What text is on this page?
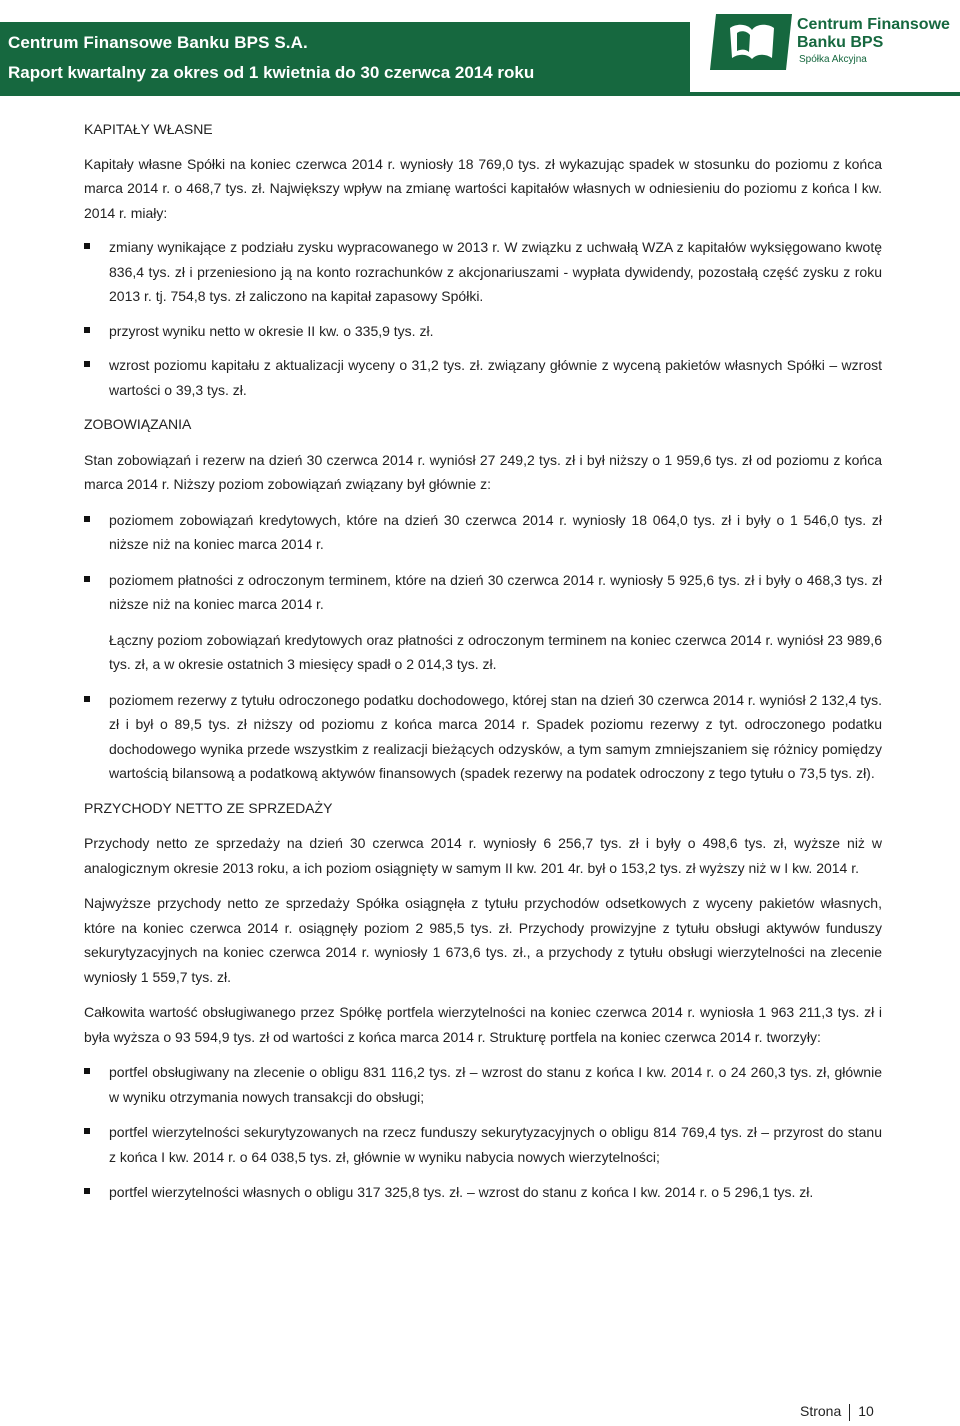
Centrum Finansowe Banku BPS S.A.
Raport kwartalny za okres od 1 kwietnia do 30 czerwca 2014 roku
Centrum Finansowe
Banku BPS
Spółka Akcyjna

KAPITAŁY WŁASNE

Kapitały własne Spółki na koniec czerwca 2014 r. wyniosły 18 769,0 tys. zł wykazując spadek w stosunku do poziomu z końca marca 2014 r. o 468,7 tys. zł. Największy wpływ na zmianę wartości kapitałów własnych w odniesieniu do poziomu z końca I kw. 2014 r. miały:

zmiany wynikające z podziału zysku wypracowanego w 2013 r. W związku z uchwałą WZA z kapitałów wyksięgowano kwotę 836,4 tys. zł i przeniesiono ją na konto rozrachunków z akcjonariuszami - wypłata dywidendy, pozostałą część zysku z roku 2013 r. tj. 754,8 tys. zł zaliczono na kapitał zapasowy Spółki.
przyrost wyniku netto w okresie II kw. o 335,9 tys. zł.
wzrost poziomu kapitału z aktualizacji wyceny o 31,2 tys. zł. związany głównie z wyceną pakietów własnych Spółki – wzrost wartości o 39,3 tys. zł.

ZOBOWIĄZANIA

Stan zobowiązań i rezerw na dzień 30 czerwca 2014 r. wyniósł 27 249,2 tys. zł i był niższy o 1 959,6 tys. zł od poziomu z końca marca 2014 r. Niższy poziom zobowiązań związany był głównie z:

poziomem zobowiązań kredytowych, które na dzień 30 czerwca 2014 r. wyniosły 18 064,0 tys. zł i były o 1 546,0 tys. zł niższe niż na koniec marca 2014 r.
poziomem płatności z odroczonym terminem, które na dzień 30 czerwca 2014 r. wyniosły 5 925,6 tys. zł i były o 468,3 tys. zł niższe niż na koniec marca 2014 r.

Łączny poziom zobowiązań kredytowych oraz płatności z odroczonym terminem na koniec czerwca 2014 r. wyniósł 23 989,6 tys. zł, a w okresie ostatnich 3 miesięcy spadł o 2 014,3 tys. zł.

poziomem rezerwy z tytułu odroczonego podatku dochodowego, której stan na dzień 30 czerwca 2014 r. wyniósł 2 132,4 tys. zł i był o 89,5 tys. zł niższy od poziomu z końca marca 2014 r. Spadek poziomu rezerwy z tyt. odroczonego podatku dochodowego wynika przede wszystkim z realizacji bieżących odzysków, a tym samym zmniejszaniem się różnicy pomiędzy wartością bilansową a podatkową aktywów finansowych (spadek rezerwy na podatek odroczony z tego tytułu o 73,5 tys. zł).

PRZYCHODY NETTO ZE SPRZEDAŻY

Przychody netto ze sprzedaży na dzień 30 czerwca 2014 r. wyniosły 6 256,7 tys. zł i były o 498,6 tys. zł, wyższe niż w analogicznym okresie 2013 roku, a ich poziom osiągnięty w samym II kw. 201 4r. był o 153,2 tys. zł wyższy niż w I kw. 2014 r.

Najwyższe przychody netto ze sprzedaży Spółka osiągnęła z tytułu przychodów odsetkowych z wyceny pakietów własnych, które na koniec czerwca 2014 r. osiągnęły poziom 2 985,5 tys. zł. Przychody prowizyjne z tytułu obsługi aktywów funduszy sekurytyzacyjnych na koniec czerwca 2014 r. wyniosły 1 673,6 tys. zł., a przychody z tytułu obsługi wierzytelności na zlecenie wyniosły 1 559,7 tys. zł.

Całkowita wartość obsługiwanego przez Spółkę portfela wierzytelności na koniec czerwca 2014 r. wyniosła 1 963 211,3 tys. zł i była wyższa o 93 594,9 tys. zł od wartości z końca marca 2014 r. Strukturę portfela na koniec czerwca 2014 r. tworzyły:

portfel obsługiwany na zlecenie o obligu 831 116,2 tys. zł – wzrost do stanu z końca I kw. 2014 r. o 24 260,3 tys. zł, głównie w wyniku otrzymania nowych transakcji do obsługi;
portfel wierzytelności sekurytyzowanych na rzecz funduszy sekurytyzacyjnych o obligu 814 769,4 tys. zł – przyrost do stanu z końca I kw. 2014 r. o 64 038,5 tys. zł, głównie w wyniku nabycia nowych wierzytelności;
portfel wierzytelności własnych o obligu 317 325,8 tys. zł. – wzrost do stanu z końca I kw. 2014 r. o 5 296,1 tys. zł.
Strona 10
